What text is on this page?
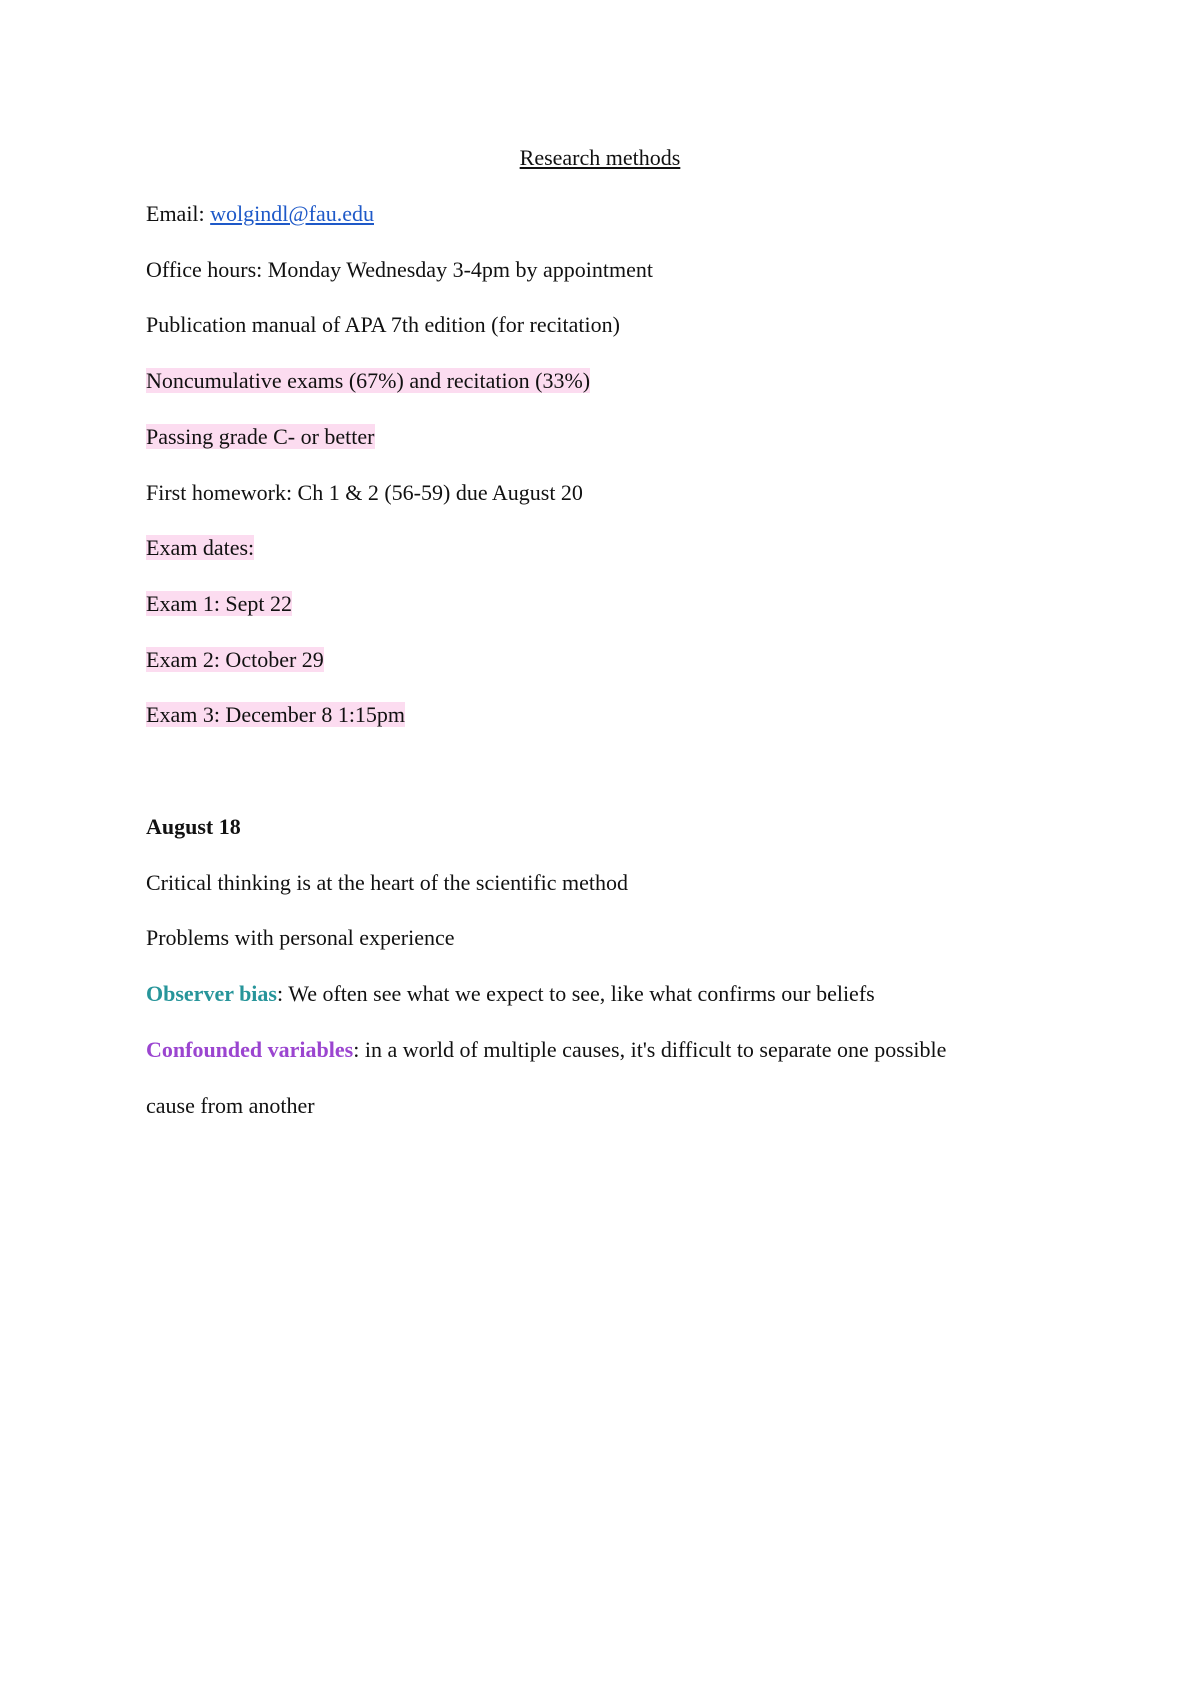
Research methods
Email: wolgindl@fau.edu
Office hours: Monday Wednesday 3-4pm by appointment
Publication manual of APA 7th edition (for recitation)
Noncumulative exams (67%) and recitation (33%)
Passing grade C- or better
First homework: Ch 1 & 2 (56-59) due August 20
Exam dates:
Exam 1: Sept 22
Exam 2: October 29
Exam 3: December 8 1:15pm
August 18
Critical thinking is at the heart of the scientific method
Problems with personal experience
Observer bias: We often see what we expect to see, like what confirms our beliefs
Confounded variables: in a world of multiple causes, it's difficult to separate one possible
cause from another
